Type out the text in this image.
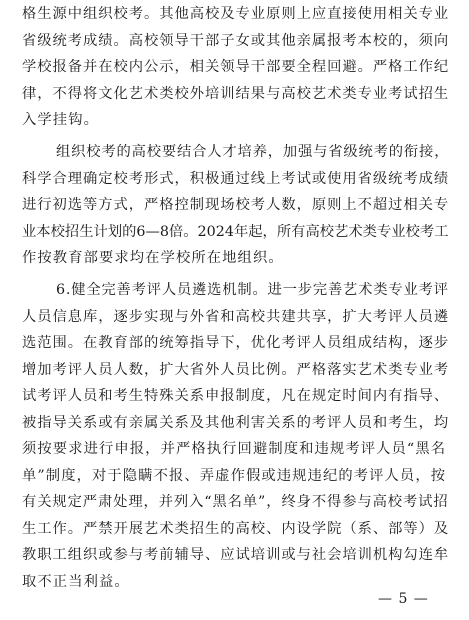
格生源中组织校考。其他高校及专业原则上应直接使用相关专业
省级统考成绩。高校领导干部子女或其他亲属报考本校的，须向
学校报备并在校内公示，相关领导干部要全程回避。严格工作纪
律，不得将文化艺术类校外培训结果与高校艺术类专业考试招生
入学挂钩。
组织校考的高校要结合人才培养，加强与省级统考的衔接，
科学合理确定校考形式，积极通过线上考试或使用省级统考成绩
进行初选等方式，严格控制现场校考人数，原则上不超过相关专
业本校招生计划的6—8倍。2024年起，所有高校艺术类专业校考工
作按教育部要求均在学校所在地组织。
6.健全完善考评人员遴选机制。进一步完善艺术类专业考评
人员信息库，逐步实现与外省和高校共建共享，扩大考评人员遴
选范围。在教育部的统筹指导下，优化考评人员组成结构，逐步
增加考评人员人数，扩大省外人员比例。严格落实艺术类专业考
试考评人员和考生特殊关系申报制度，凡在规定时间内有指导、
被指导关系或有亲属关系及其他利害关系的考评人员和考生，均
须按要求进行申报，并严格执行回避制度和违规考评人员“黑名
单”制度，对于隐瞒不报、弄虚作假或违规违纪的考评人员，按
有关规定严肃处理，并列入“黑名单”，终身不得参与高校考试招
生工作。严禁开展艺术类招生的高校、内设学院（系、部等）及
教职工组织或参与考前辅导、应试培训或与社会培训机构勾连牟
取不正当利益。
— 5 —
